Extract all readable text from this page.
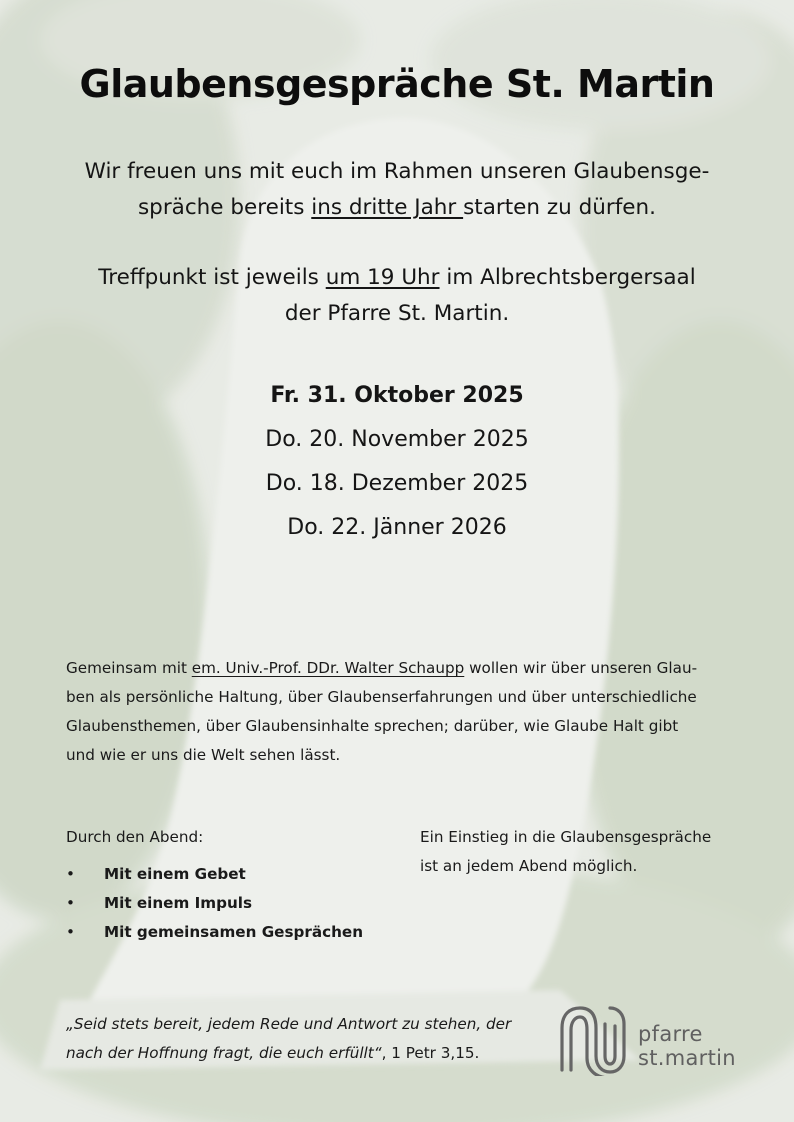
Glaubensgespräche St. Martin
Wir freuen uns mit euch im Rahmen unseren Glaubensge-
spräche bereits ins dritte Jahr starten zu dürfen.
Treffpunkt ist jeweils um 19 Uhr im Albrechtsbergersaal
der Pfarre St. Martin.
Fr. 31. Oktober 2025
Do. 20. November 2025
Do. 18. Dezember 2025
Do. 22. Jänner 2026
Gemeinsam mit em. Univ.-Prof. DDr. Walter Schaupp wollen wir über unseren Glau-
ben als persönliche Haltung, über Glaubenserfahrungen und über unterschiedliche
Glaubensthemen, über Glaubensinhalte sprechen; darüber, wie Glaube Halt gibt
und wie er uns die Welt sehen lässt.
Durch den Abend:
• Mit einem Gebet
• Mit einem Impuls
• Mit gemeinsamen Gesprächen
Ein Einstieg in die Glaubensgespräche
ist an jedem Abend möglich.
„Seid stets bereit, jedem Rede und Antwort zu stehen, der
nach der Hoffnung fragt, die euch erfüllt“, 1 Petr 3,15.
pfarre
st.martin
